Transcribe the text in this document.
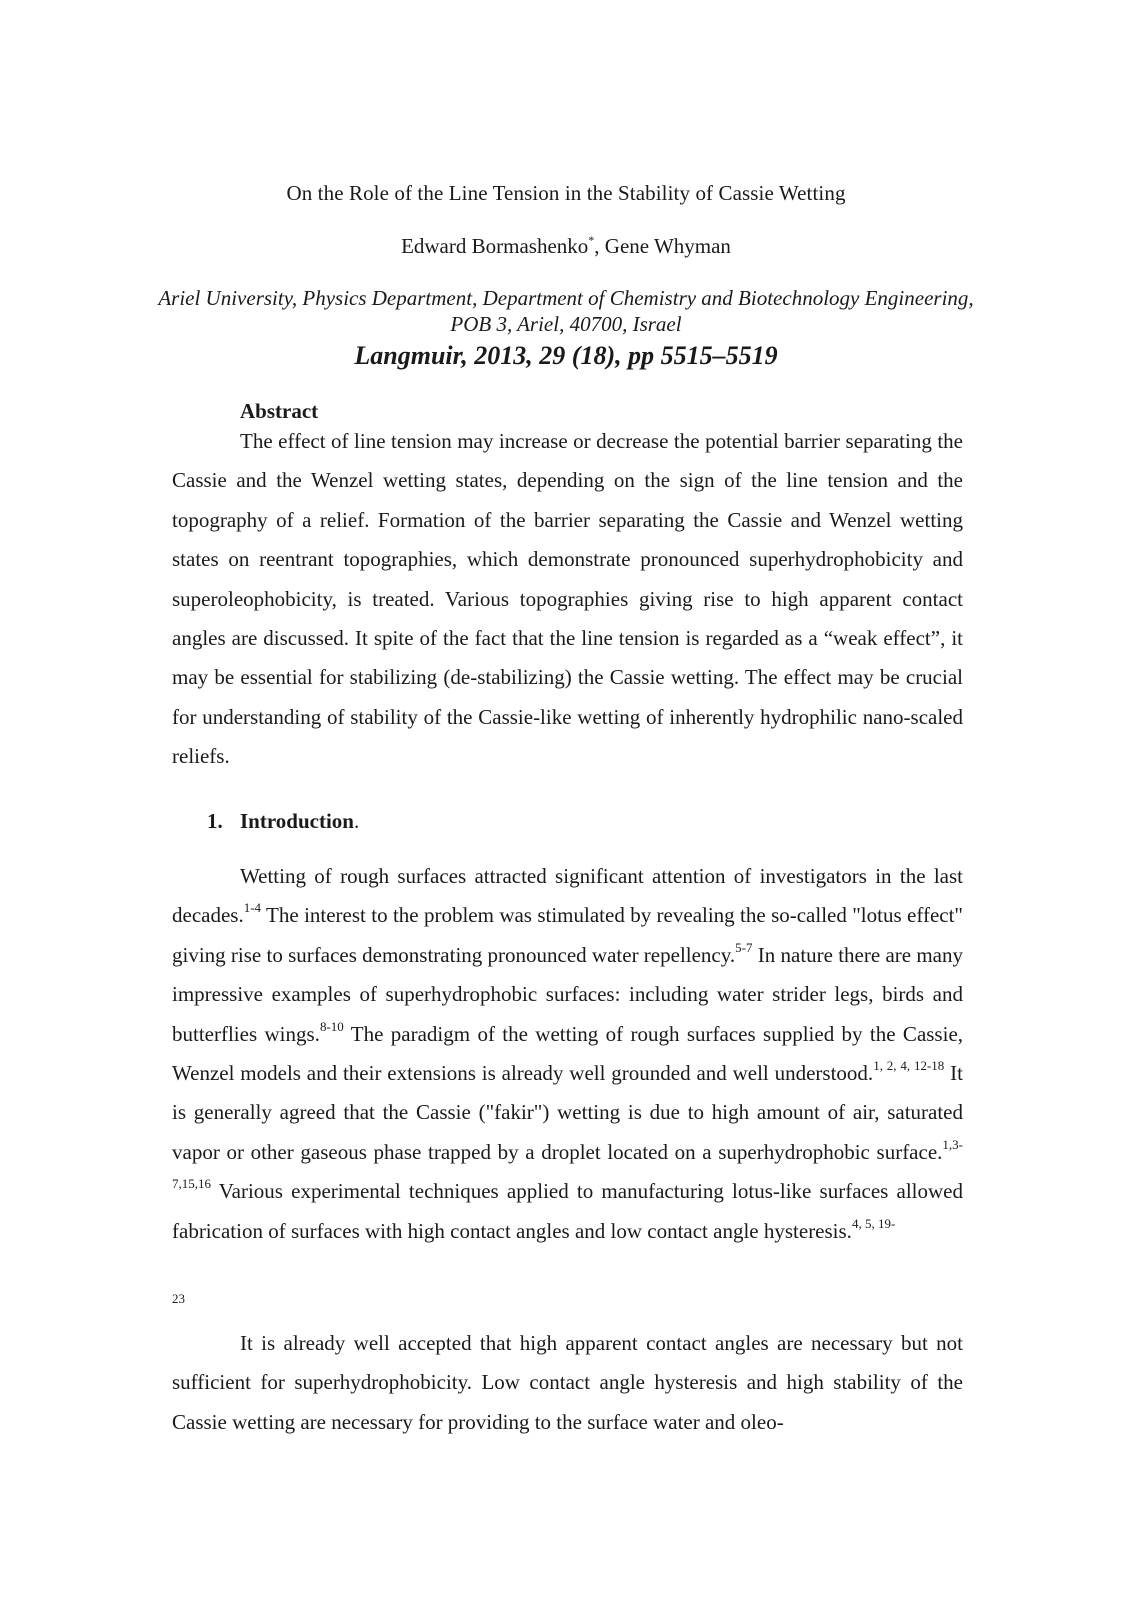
On the Role of the Line Tension in the Stability of Cassie Wetting
Edward Bormashenko*, Gene Whyman
Ariel University, Physics Department, Department of Chemistry and Biotechnology Engineering, POB 3, Ariel, 40700, Israel
Langmuir, 2013, 29 (18), pp 5515–5519
Abstract

The effect of line tension may increase or decrease the potential barrier separating the Cassie and the Wenzel wetting states, depending on the sign of the line tension and the topography of a relief. Formation of the barrier separating the Cassie and Wenzel wetting states on reentrant topographies, which demonstrate pronounced superhydrophobicity and superoleophobicity, is treated. Various topographies giving rise to high apparent contact angles are discussed. It spite of the fact that the line tension is regarded as a “weak effect”, it may be essential for stabilizing (de-stabilizing) the Cassie wetting. The effect may be crucial for understanding of stability of the Cassie-like wetting of inherently hydrophilic nano-scaled reliefs.

1. Introduction.

Wetting of rough surfaces attracted significant attention of investigators in the last decades.$^{1-4}$ The interest to the problem was stimulated by revealing the so-called "lotus effect" giving rise to surfaces demonstrating pronounced water repellency.$^{5-7}$ In nature there are many impressive examples of superhydrophobic surfaces: including water strider legs, birds and butterflies wings.$^{8-10}$ The paradigm of the wetting of rough surfaces supplied by the Cassie, Wenzel models and their extensions is already well grounded and well understood.$^{1, 2, 4, 12-18}$ It is generally agreed that the Cassie ("fakir") wetting is due to high amount of air, saturated vapor or other gaseous phase trapped by a droplet located on a superhydrophobic surface.$^{1,3-7,15,16}$ Various experimental techniques applied to manufacturing lotus-like surfaces allowed fabrication of surfaces with high contact angles and low contact angle hysteresis.$^{4, 5, 19-}$

23

It is already well accepted that high apparent contact angles are necessary but not sufficient for superhydrophobicity. Low contact angle hysteresis and high stability of the Cassie wetting are necessary for providing to the surface water and oleo-
